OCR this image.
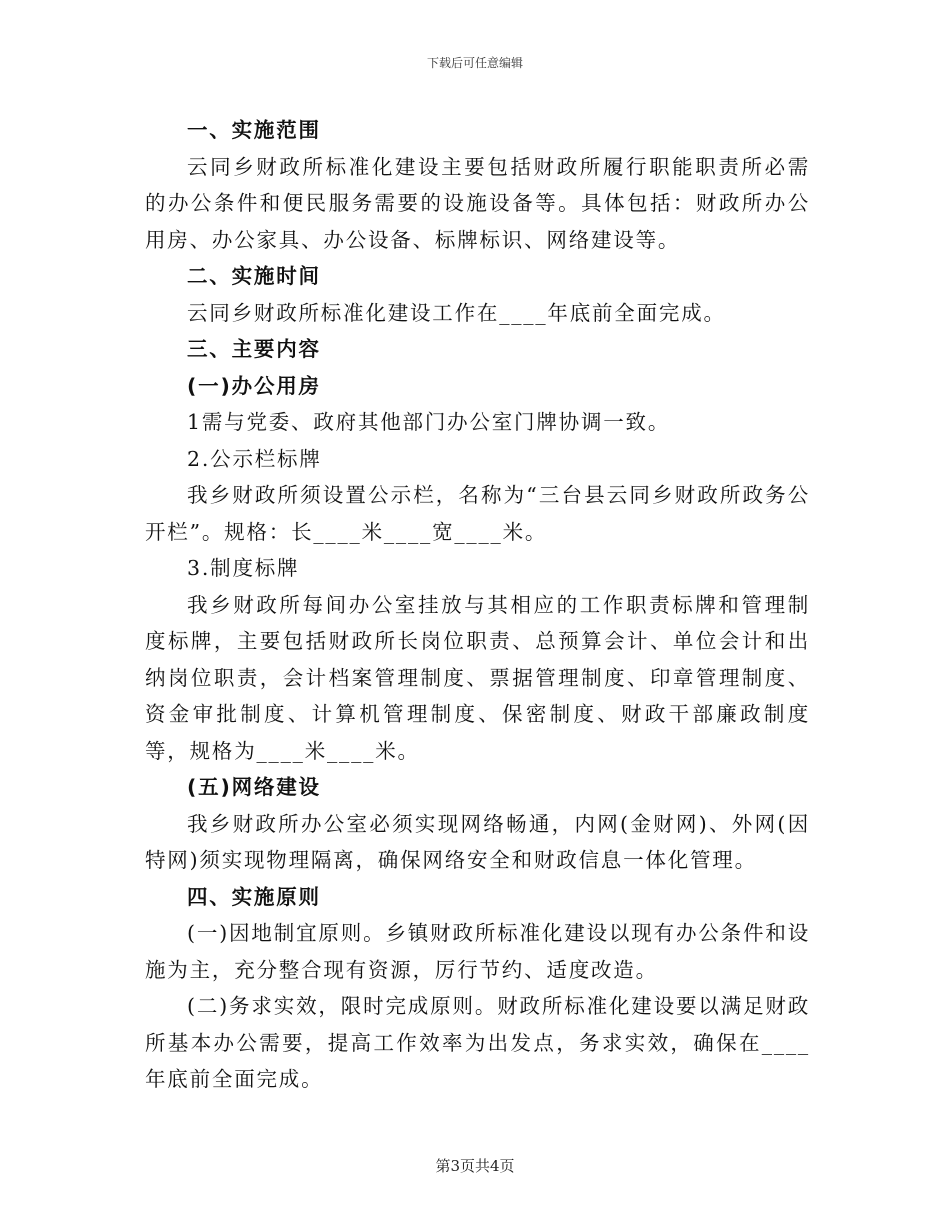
下载后可任意编辑

一、实施范围

云同乡财政所标准化建设主要包括财政所履行职能职责所必需的办公条件和便民服务需要的设施设备等。具体包括：财政所办公用房、办公家具、办公设备、标牌标识、网络建设等。

二、实施时间

云同乡财政所标准化建设工作在____年底前全面完成。

三、主要内容

(一)办公用房

1需与党委、政府其他部门办公室门牌协调一致。

2.公示栏标牌

我乡财政所须设置公示栏，名称为“三台县云同乡财政所政务公开栏”。规格：长____米____宽____米。

3.制度标牌

我乡财政所每间办公室挂放与其相应的工作职责标牌和管理制度标牌，主要包括财政所长岗位职责、总预算会计、单位会计和出纳岗位职责，会计档案管理制度、票据管理制度、印章管理制度、资金审批制度、计算机管理制度、保密制度、财政干部廉政制度等，规格为____米____米。

(五)网络建设

我乡财政所办公室必须实现网络畅通，内网(金财网)、外网(因特网)须实现物理隔离，确保网络安全和财政信息一体化管理。

四、实施原则

(一)因地制宜原则。乡镇财政所标准化建设以现有办公条件和设施为主，充分整合现有资源，厉行节约、适度改造。

(二)务求实效，限时完成原则。财政所标准化建设要以满足财政所基本办公需要，提高工作效率为出发点，务求实效，确保在____年底前全面完成。

第3页共4页
